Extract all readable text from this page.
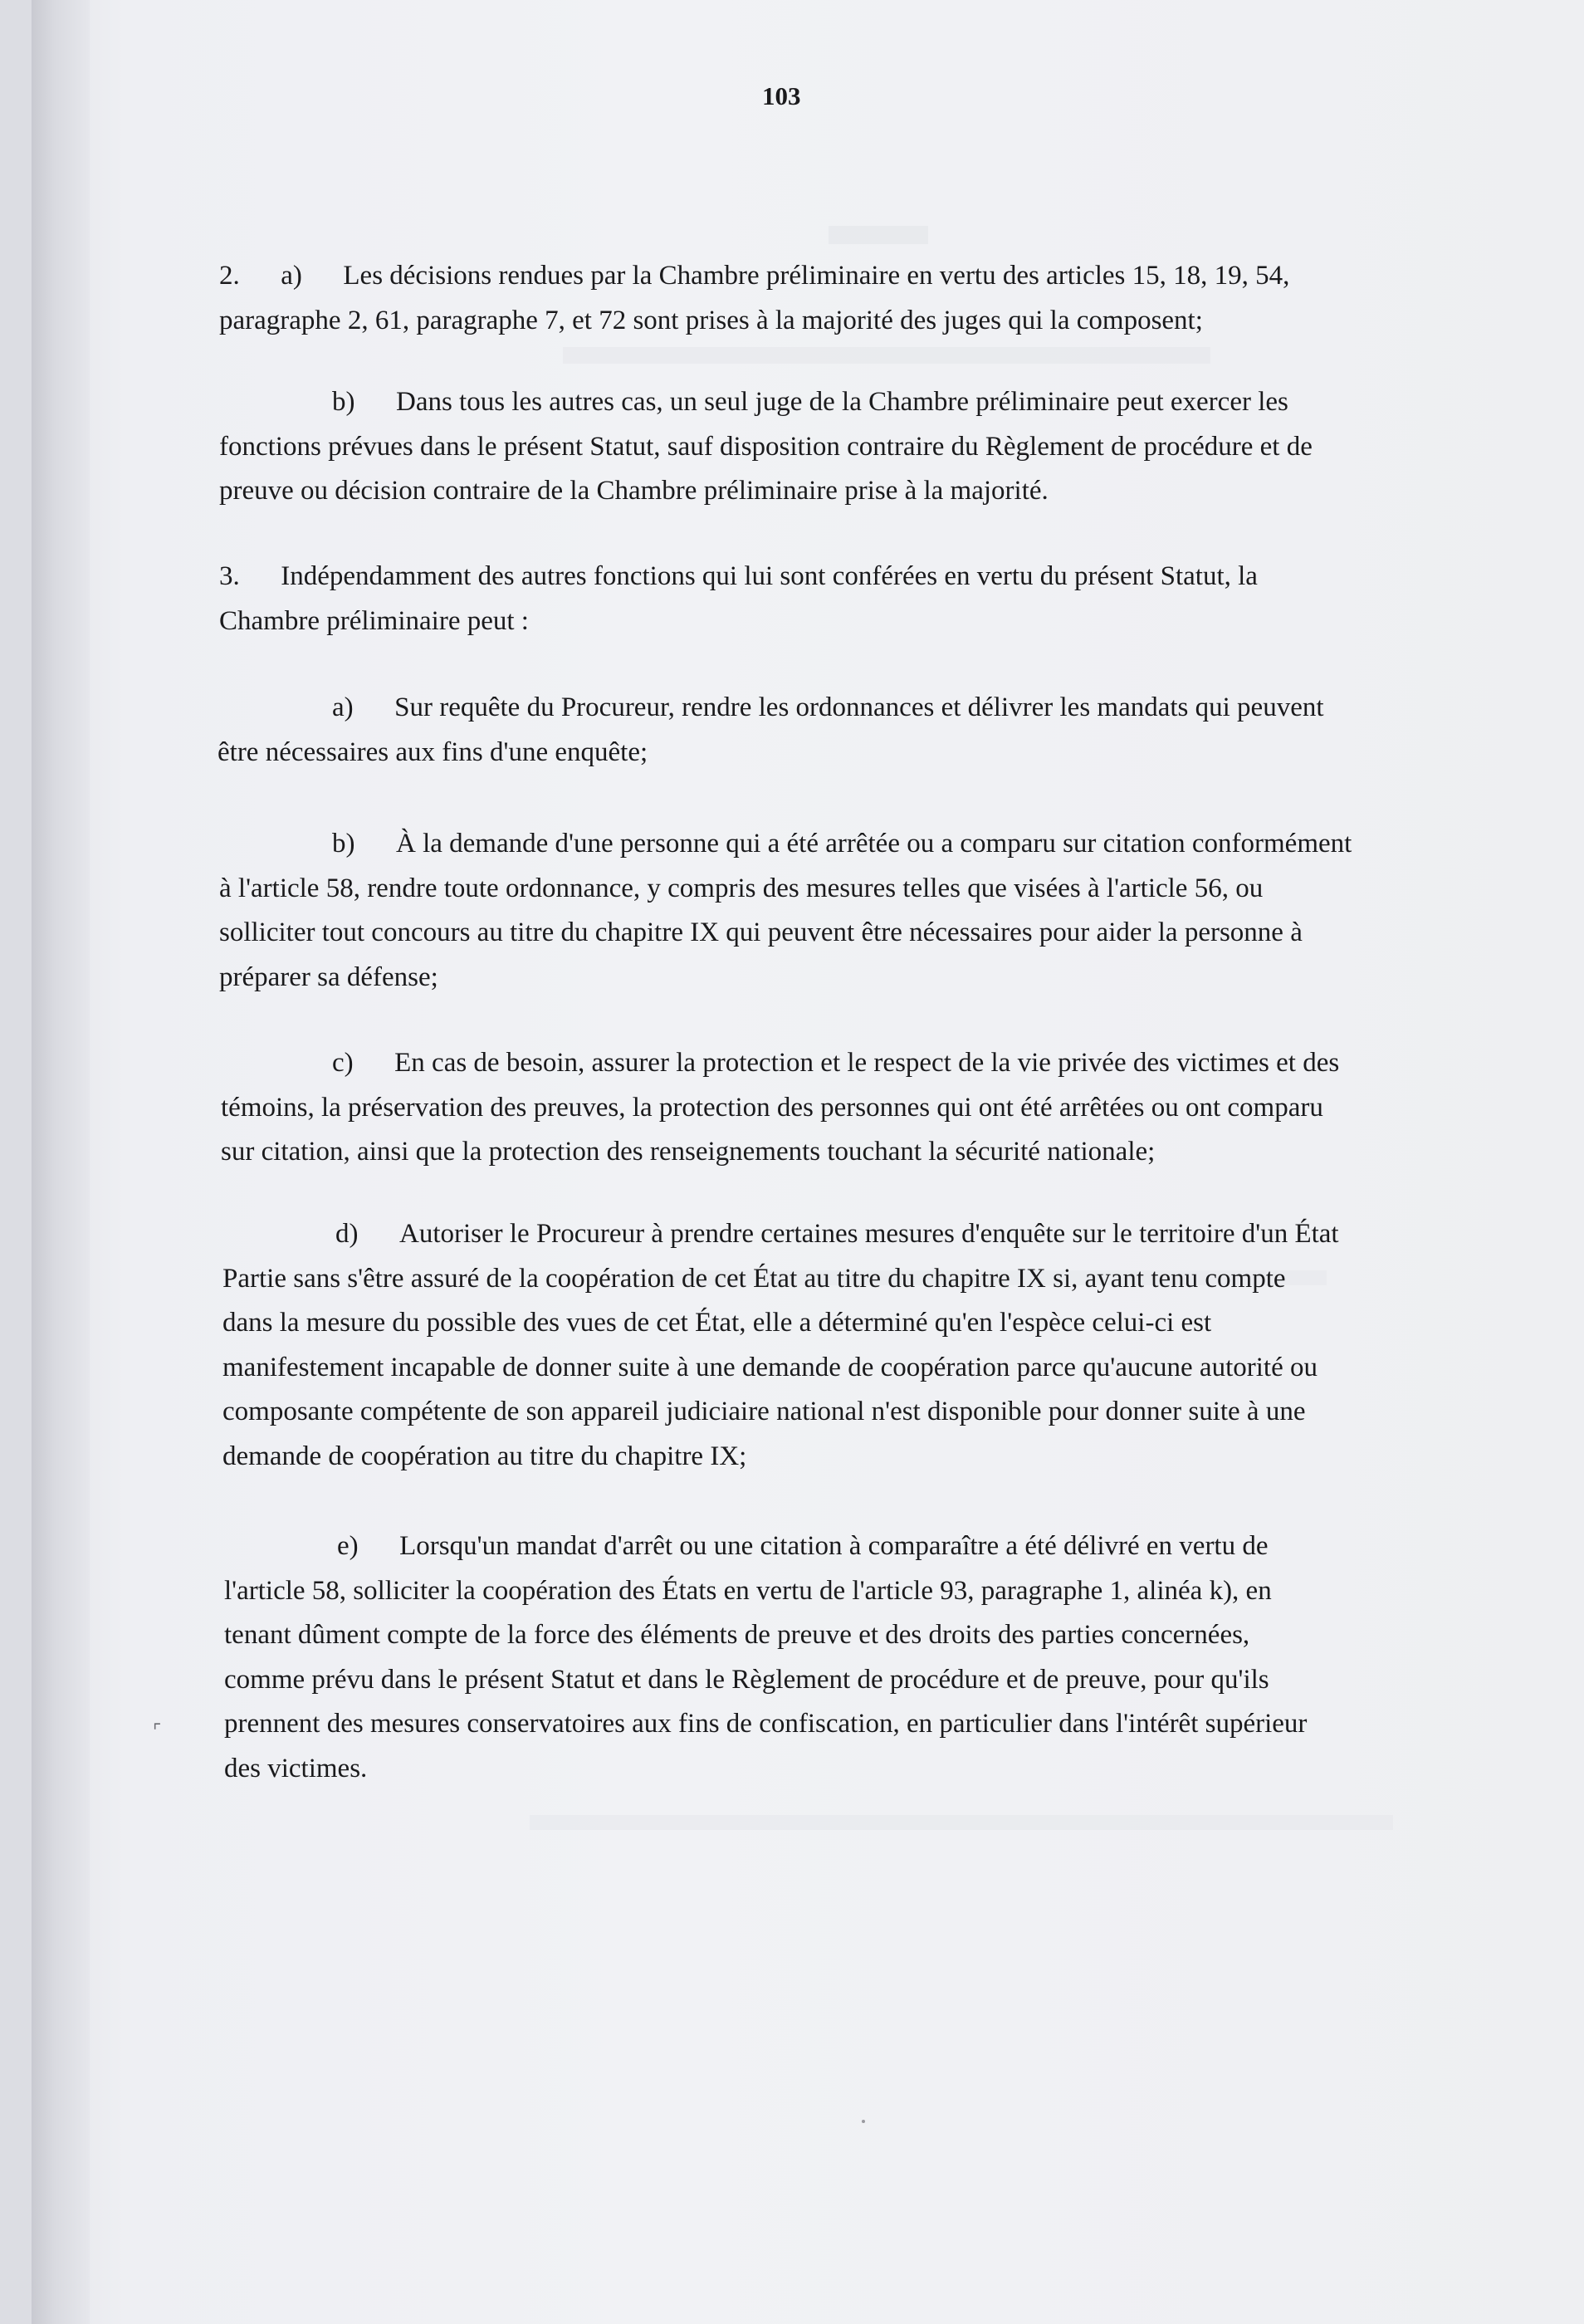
103
2.  a)  Les décisions rendues par la Chambre préliminaire en vertu des articles 15, 18, 19, 54,
paragraphe 2, 61, paragraphe 7, et 72 sont prises à la majorité des juges qui la composent;
b)  Dans tous les autres cas, un seul juge de la Chambre préliminaire peut exercer les
fonctions prévues dans le présent Statut, sauf disposition contraire du Règlement de procédure et de
preuve ou décision contraire de la Chambre préliminaire prise à la majorité.
3.  Indépendamment des autres fonctions qui lui sont conférées en vertu du présent Statut, la
Chambre préliminaire peut :
a)  Sur requête du Procureur, rendre les ordonnances et délivrer les mandats qui peuvent
être nécessaires aux fins d'une enquête;
b)  À la demande d'une personne qui a été arrêtée ou a comparu sur citation conformément
à l'article 58, rendre toute ordonnance, y compris des mesures telles que visées à l'article 56, ou
solliciter tout concours au titre du chapitre IX qui peuvent être nécessaires pour aider la personne à
préparer sa défense;
c)  En cas de besoin, assurer la protection et le respect de la vie privée des victimes et des
témoins, la préservation des preuves, la protection des personnes qui ont été arrêtées ou ont comparu
sur citation, ainsi que la protection des renseignements touchant la sécurité nationale;
d)  Autoriser le Procureur à prendre certaines mesures d'enquête sur le territoire d'un État
Partie sans s'être assuré de la coopération de cet État au titre du chapitre IX si, ayant tenu compte
dans la mesure du possible des vues de cet État, elle a déterminé qu'en l'espèce celui-ci est
manifestement incapable de donner suite à une demande de coopération parce qu'aucune autorité ou
composante compétente de son appareil judiciaire national n'est disponible pour donner suite à une
demande de coopération au titre du chapitre IX;
e)  Lorsqu'un mandat d'arrêt ou une citation à comparaître a été délivré en vertu de
l'article 58, solliciter la coopération des États en vertu de l'article 93, paragraphe 1, alinéa k), en
tenant dûment compte de la force des éléments de preuve et des droits des parties concernées,
comme prévu dans le présent Statut et dans le Règlement de procédure et de preuve, pour qu'ils
prennent des mesures conservatoires aux fins de confiscation, en particulier dans l'intérêt supérieur
des victimes.
⌜
